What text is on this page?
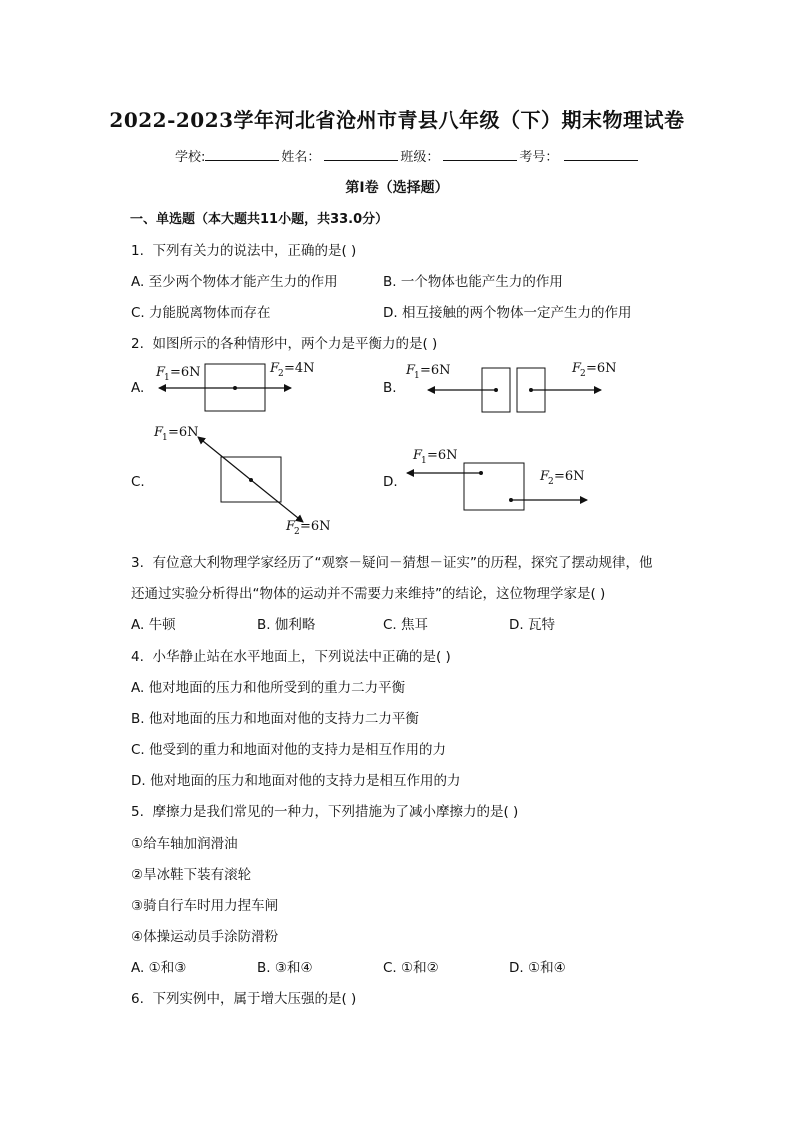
2022-2023学年河北省沧州市青县八年级（下）期末物理试卷
学校:	姓名：	班级：	考号：
第I卷（选择题）
一、单选题（本大题共11小题，共33.0分）
1. 下列有关力的说法中，正确的是( )
A. 至少两个物体才能产生力的作用	B. 一个物体也能产生力的作用
C. 力能脱离物体而存在	D. 相互接触的两个物体一定产生力的作用
2. 如图所示的各种情形中，两个力是平衡力的是( )
A.	B.
C.	D.
F
1 =6N	F
2 =4N	F
1 =6N	F
2 =6N
F
1 =6N
F
2 =6N
F
1 =6N
F
2 =6N
3. 有位意大利物理学家经历了“观察－疑问－猜想－证实”的历程，探究了摆动规律，他
还通过实验分析得出“物体的运动并不需要力来维持”的结论，这位物理学家是( )
A. 牛顿	B. 伽利略	C. 焦耳	D. 瓦特
4. 小华静止站在水平地面上，下列说法中正确的是( )
A. 他对地面的压力和他所受到的重力二力平衡
B. 他对地面的压力和地面对他的支持力二力平衡
C. 他受到的重力和地面对他的支持力是相互作用的力
D. 他对地面的压力和地面对他的支持力是相互作用的力
5. 摩擦力是我们常见的一种力，下列措施为了减小摩擦力的是( )
①给车轴加润滑油
②旱冰鞋下装有滚轮
③骑自行车时用力捏车闸
④体操运动员手涂防滑粉
A. ①和③	B. ③和④	C. ①和②	D. ①和④
6. 下列实例中，属于增大压强的是( )
